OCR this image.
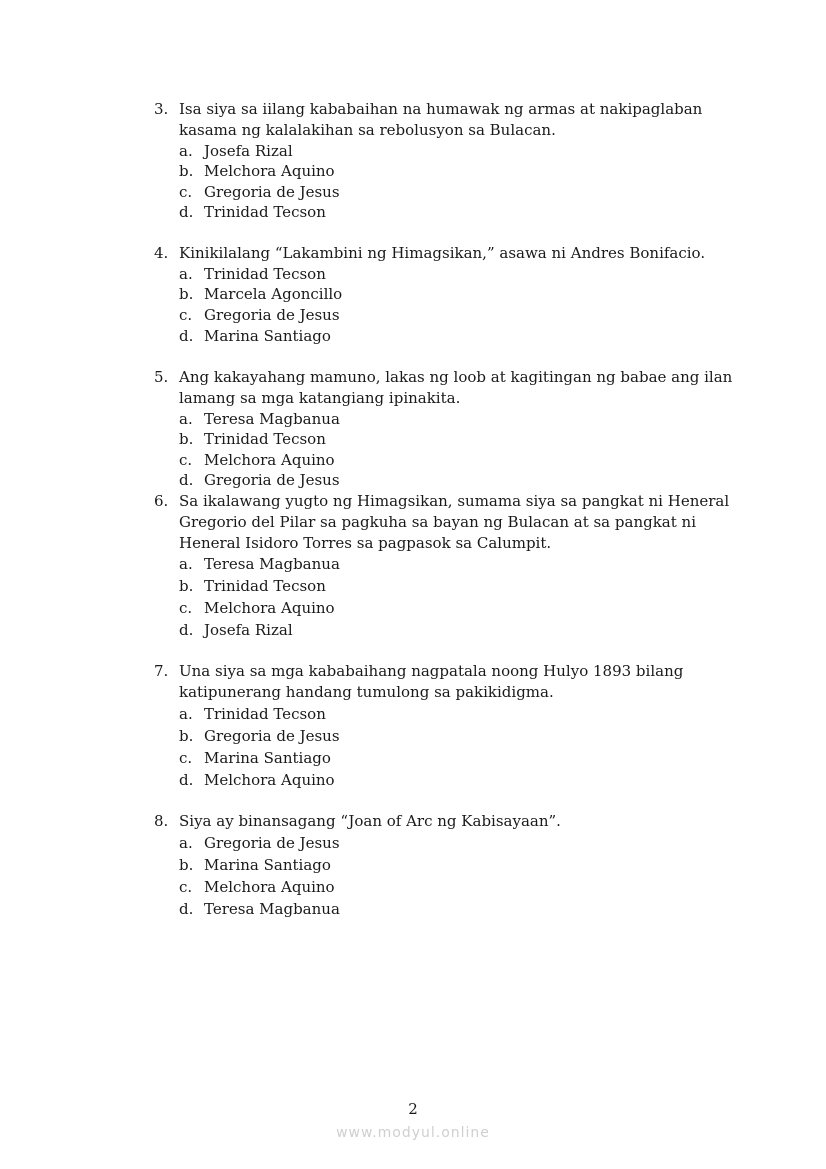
3. Isa siya sa iilang kababaihan na humawak ng armas at nakipaglaban kasama ng kalalakihan sa rebolusyon sa Bulacan.
a. Josefa Rizal
b. Melchora Aquino
c. Gregoria de Jesus
d. Trinidad Tecson
4. Kinikilalang “Lakambini ng Himagsikan,” asawa ni Andres Bonifacio.
a. Trinidad Tecson
b. Marcela Agoncillo
c. Gregoria de Jesus
d. Marina Santiago
5. Ang kakayahang mamuno, lakas ng loob at kagitingan ng babae ang ilan lamang sa mga katangiang ipinakita.
a. Teresa Magbanua
b. Trinidad Tecson
c. Melchora Aquino
d. Gregoria de Jesus
6. Sa ikalawang yugto ng Himagsikan, sumama siya sa pangkat ni Heneral Gregorio del Pilar sa pagkuha sa bayan ng Bulacan at sa pangkat ni Heneral Isidoro Torres sa pagpasok sa Calumpit.
a. Teresa Magbanua
b. Trinidad Tecson
c. Melchora Aquino
d. Josefa Rizal
7. Una siya sa mga kababaihang nagpatala noong Hulyo 1893 bilang katipunerang handang tumulong sa pakikidigma.
a. Trinidad Tecson
b. Gregoria de Jesus
c. Marina Santiago
d. Melchora Aquino
8. Siya ay binansagang “Joan of Arc ng Kabisayaan”.
a. Gregoria de Jesus
b. Marina Santiago
c. Melchora Aquino
d. Teresa Magbanua
2
www.modyul.online
